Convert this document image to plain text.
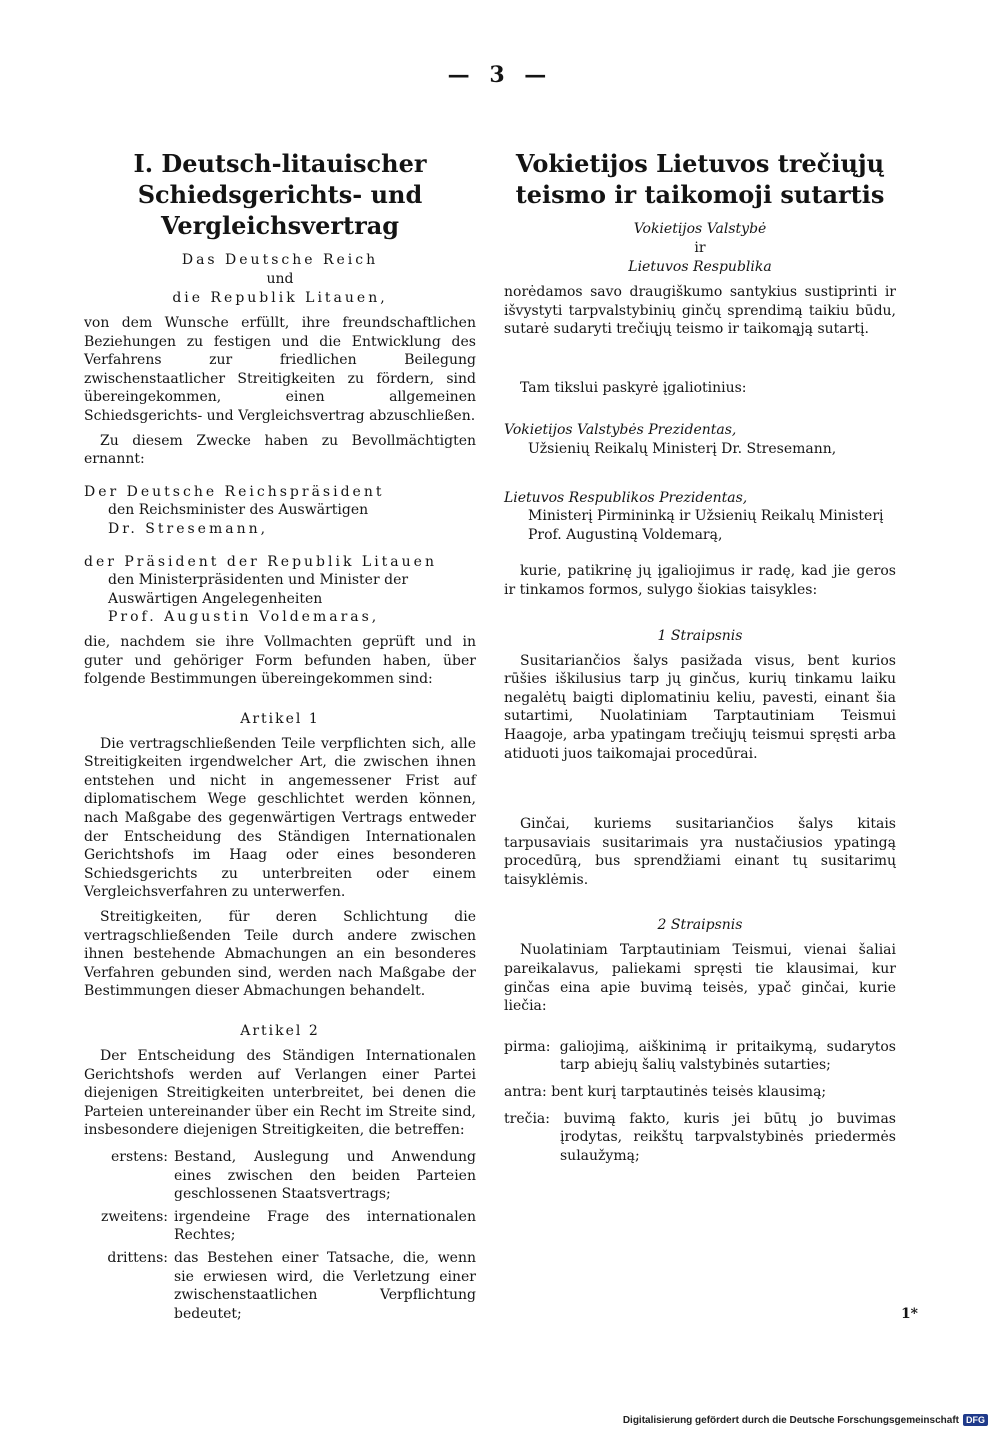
— 3 —
I. Deutsch-litauischer Schiedsgerichts- und Vergleichsvertrag
Das Deutsche Reich
und
die Republik Litauen,

von dem Wunsche erfüllt, ihre freundschaftlichen Beziehungen zu festigen und die Entwicklung des Verfahrens zur friedlichen Beilegung zwischenstaatlicher Streitigkeiten zu fördern, sind übereingekommen, einen allgemeinen Schiedsgerichts- und Vergleichsvertrag abzuschließen.

Zu diesem Zwecke haben zu Bevollmächtigten ernannt:

Der Deutsche Reichspräsident
den Reichsminister des Auswärtigen
Dr. Stresemann,
der Präsident der Republik Litauen
den Ministerpräsidenten und Minister der Auswärtigen Angelegenheiten
Prof. Augustin Voldemaras,

die, nachdem sie ihre Vollmachten geprüft und in guter und gehöriger Form befunden haben, über folgende Bestimmungen übereingekommen sind:

Artikel 1

Die vertragschließenden Teile verpflichten sich, alle Streitigkeiten irgendwelcher Art, die zwischen ihnen entstehen und nicht in angemessener Frist auf diplomatischem Wege geschlichtet werden können, nach Maßgabe des gegenwärtigen Vertrags entweder der Entscheidung des Ständigen Internationalen Gerichtshofs im Haag oder eines besonderen Schiedsgerichts zu unterbreiten oder einem Vergleichsverfahren zu unterwerfen.

Streitigkeiten, für deren Schlichtung die vertragschließenden Teile durch andere zwischen ihnen bestehende Abmachungen an ein besonderes Verfahren gebunden sind, werden nach Maßgabe der Bestimmungen dieser Abmachungen behandelt.

Artikel 2

Der Entscheidung des Ständigen Internationalen Gerichtshofs werden auf Verlangen einer Partei diejenigen Streitigkeiten unterbreitet, bei denen die Parteien untereinander über ein Recht im Streite sind, insbesondere diejenigen Streitigkeiten, die betreffen:

erstens: Bestand, Auslegung und Anwendung eines zwischen den beiden Parteien geschlossenen Staatsvertrags;
zweitens: irgendeine Frage des internationalen Rechtes;
drittens: das Bestehen einer Tatsache, die, wenn sie erwiesen wird, die Verletzung einer zwischenstaatlichen Verpflichtung bedeutet;
Vokietijos Lietuvos trečiųjų teismo ir taikomoji sutartis
Vokietijos Valstybė
ir
Lietuvos Respublika

norėdamos savo draugiškumo santykius sustiprinti ir išvystyti tarpvalstybinių ginčų sprendimą taikiu būdu, sutarė sudaryti trečiųjų teismo ir taikomąją sutartį.

Tam tikslui paskyrė įgaliotinius:

Vokietijos Valstybės Prezidentas,
Užsienių Reikalų Ministerį Dr. Stresemann,
Lietuvos Respublikos Prezidentas,
Ministerį Pirmininką ir Užsienių Reikalų Ministerį Prof. Augustiną Voldemarą,

kurie, patikrinę jų įgaliojimus ir radę, kad jie geros ir tinkamos formos, sulygo šiokias taisykles:

1 Straipsnis

Susitariančios šalys pasižada visus, bent kurios rūšies iškilusius tarp jų ginčus, kurių tinkamu laiku negalėtų baigti diplomatiniu keliu, pavesti, einant šia sutartimi, Nuolatiniam Tarptautiniam Teismui Haagoje, arba ypatingam trečiųjų teismui spręsti arba atiduoti juos taikomajai procedūrai.

Ginčai, kuriems susitariančios šalys kitais tarpusaviais susitarimais yra nustačiusios ypatingą procedūrą, bus sprendžiami einant tų susitarimų taisyklėmis.

2 Straipsnis

Nuolatiniam Tarptautiniam Teismui, vienai šaliai pareikalavus, paliekami spręsti tie klausimai, kur ginčas eina apie buvimą teisės, ypač ginčai, kurie liečia:

pirma: galiojimą, aiškinimą ir pritaikymą, sudarytos tarp abiejų šalių valstybinės sutarties;
antra: bent kurį tarptautinės teisės klausimą;
trečia: buvimą fakto, kuris jei būtų jo buvimas įrodytas, reikštų tarpvalstybinės priedermės sulaužymą;
1*
Digitalisierung gefördert durch die Deutsche Forschungsgemeinschaft DFG
